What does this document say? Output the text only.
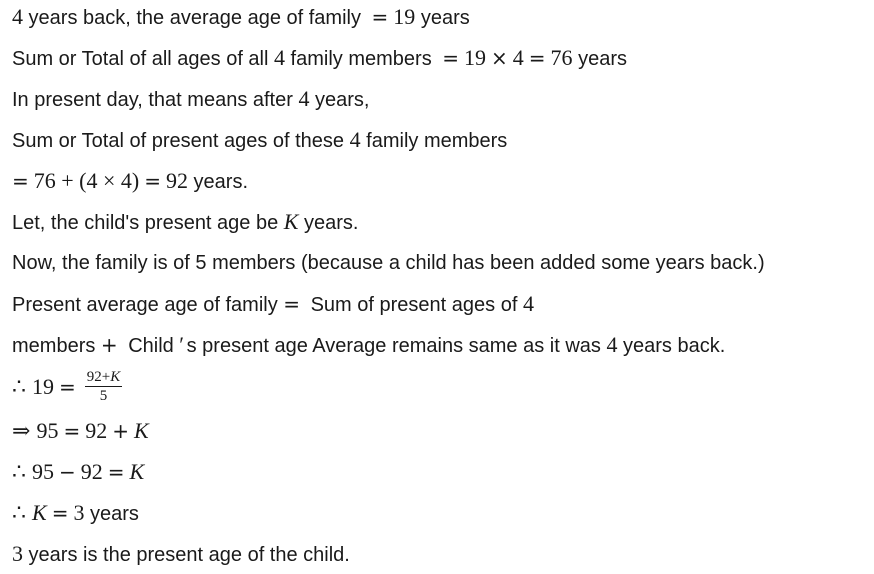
4 years back, the average age of family = 19 years
Sum or Total of all ages of all 4 family members = 19 × 4 = 76 years
In present day, that means after 4 years,
Sum or Total of present ages of these 4 family members
= 76 + (4 × 4) = 92 years.
Let, the child's present age be K years.
Now, the family is of 5 members (because a child has been added some years back.)
Present average age of family = Sum of present ages of 4
members + Child ′ s present age Average remains same as it was 4 years back.
∴ $19 = \frac{92+K}{5}$
⇒ 95 = 92 + K
∴ 95 − 92 = K
∴ K = 3 years
3 years is the present age of the child.
